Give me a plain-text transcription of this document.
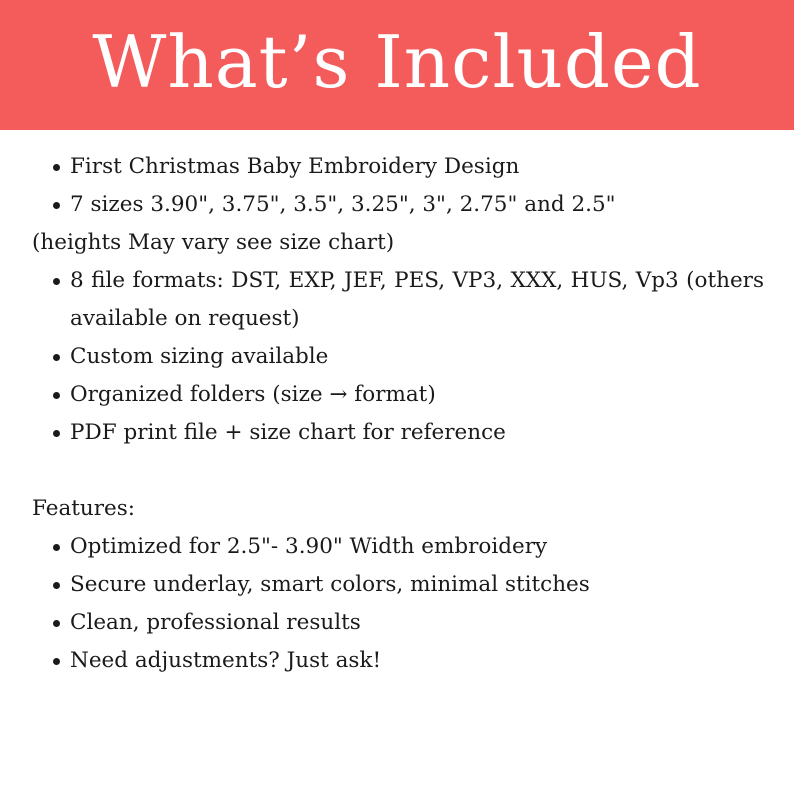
What’s Included
First Christmas Baby Embroidery Design
7 sizes 3.90", 3.75", 3.5", 3.25", 3", 2.75" and 2.5"

(heights May vary see size chart)

8 file formats: DST, EXP, JEF, PES, VP3, XXX, HUS, Vp3 (others available on request)
Custom sizing available
Organized folders (size → format)
PDF print file + size chart for reference

Features:

Optimized for 2.5"- 3.90" Width embroidery
Secure underlay, smart colors, minimal stitches
Clean, professional results
Need adjustments? Just ask!
